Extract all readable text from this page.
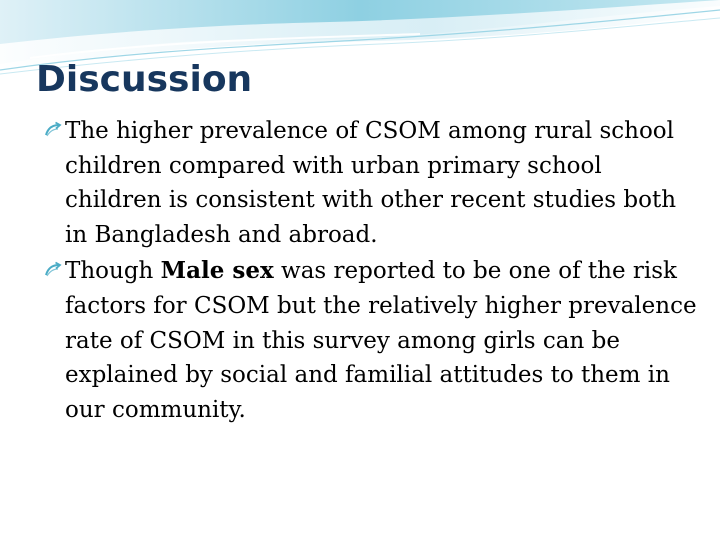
Discussion

The higher prevalence of CSOM among rural school children compared with urban primary school children is consistent with other recent studies both in Bangladesh and abroad.

Though Male sex was reported to be one of the risk factors for CSOM but the relatively higher prevalence rate of CSOM in this survey among girls can be explained by social and familial attitudes to them in our community.
